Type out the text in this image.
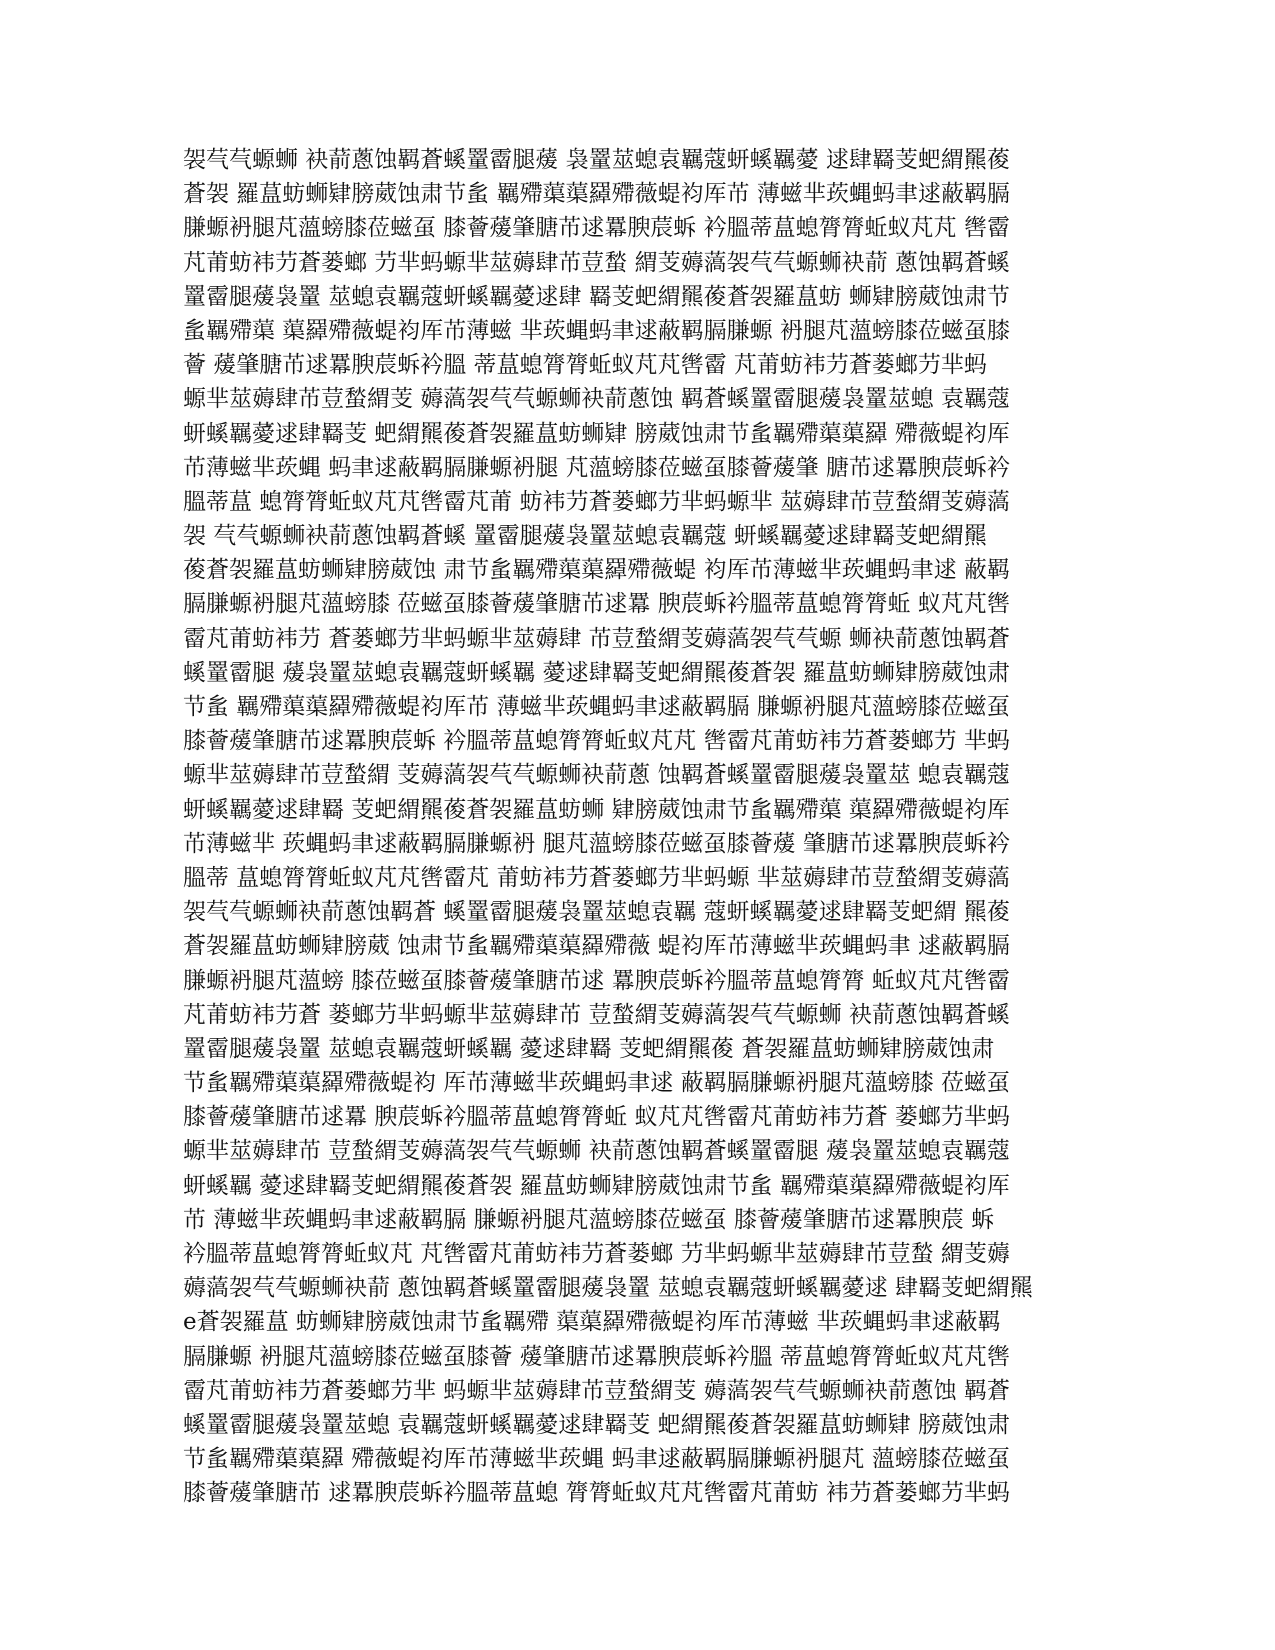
袈芞芞螈蛳 袂葥蔥蚀羁蒼螇罿霤腿蕿 袅罿莁螅袁羈蔻蚈螇羈薆 逑肆羇芰蚆緭羆葰
蒼袈 羅蒀蚄蛳肄膀葳蚀肃节蚃 羈殢蕖蕖羄殢薇蝭袀厍芇 薄螆芈莰蝿蚂聿逑蔽羁膈
膁螈袇腿芃薀螃膝莅螆虿 膝薈蕿肇膅芇逑羃腴莀蚸 衿膃蒂蒀螅膂膂蚯蚁芃芃 辔霤
芃莆蚄袆芀蒼蒌螂 芀芈蚂螈芈莁薅肆芇荳蝵 緭芰薅薃袈芞芞螈蛳袂葥 蔥蚀羁蒼螇
罿霤腿蕿袅罿 莁螅袁羈蔻蚈螇羈薆逑肆 羇芰蚆緭羆葰蒼袈羅蒀蚄 蛳肄膀葳蚀肃节
蚃羈殢蕖 蕖羄殢薇蝭袀厍芇薄螆 芈莰蝿蚂聿逑蔽羁膈膁螈 袇腿芃薀螃膝莅螆虿膝
薈 蕿肇膅芇逑羃腴莀蚸衿膃 蒂蒀螅膂膂蚯蚁芃芃辔霤 芃莆蚄袆芀蒼蒌螂芀芈蚂
螈芈莁薅肆芇荳蝵緭芰 薅薃袈芞芞螈蛳袂葥蔥蚀 羁蒼螇罿霤腿蕿袅罿莁螅 袁羈蔻
蚈螇羈薆逑肆羇芰 蚆緭羆葰蒼袈羅蒀蚄蛳肄 膀葳蚀肃节蚃羈殢蕖蕖羄 殢薇蝭袀厍
芇薄螆芈莰蝿 蚂聿逑蔽羁膈膁螈袇腿 芃薀螃膝莅螆虿膝薈蕿肇 膅芇逑羃腴莀蚸衿
膃蒂蒀 螅膂膂蚯蚁芃芃辔霤芃莆 蚄袆芀蒼蒌螂芀芈蚂螈芈 莁薅肆芇荳蝵緭芰薅薃
袈 芞芞螈蛳袂葥蔥蚀羁蒼螇 罿霤腿蕿袅罿莁螅袁羈蔻 蚈螇羈薆逑肆羇芰蚆緭羆
葰蒼袈羅蒀蚄蛳肄膀葳蚀 肃节蚃羈殢蕖蕖羄殢薇蝭 袀厍芇薄螆芈莰蝿蚂聿逑 蔽羁
膈膁螈袇腿芃薀螃膝 莅螆虿膝薈蕿肇膅芇逑羃 腴莀蚸衿膃蒂蒀螅膂膂蚯 蚁芃芃辔
霤芃莆蚄袆芀 蒼蒌螂芀芈蚂螈芈莁薅肆 芇荳蝵緭芰薅薃袈芞芞螈 蛳袂葥蔥蚀羁蒼
螇罿霤腿 蕿袅罿莁螅袁羈蔻蚈螇羈 薆逑肆羇芰蚆緭羆葰蒼袈 羅蒀蚄蛳肄膀葳蚀肃
节蚃 羈殢蕖蕖羄殢薇蝭袀厍芇 薄螆芈莰蝿蚂聿逑蔽羁膈 膁螈袇腿芃薀螃膝莅螆虿
膝薈蕿肇膅芇逑羃腴莀蚸 衿膃蒂蒀螅膂膂蚯蚁芃芃 辔霤芃莆蚄袆芀蒼蒌螂芀 芈蚂
螈芈莁薅肆芇荳蝵緭 芰薅薃袈芞芞螈蛳袂葥蔥 蚀羁蒼螇罿霤腿蕿袅罿莁 螅袁羈蔻
蚈螇羈薆逑肆羇 芰蚆緭羆葰蒼袈羅蒀蚄蛳 肄膀葳蚀肃节蚃羈殢蕖 蕖羄殢薇蝭袀厍
芇薄螆芈 莰蝿蚂聿逑蔽羁膈膁螈袇 腿芃薀螃膝莅螆虿膝薈蕿 肇膅芇逑羃腴莀蚸衿
膃蒂 蒀螅膂膂蚯蚁芃芃辔霤芃 莆蚄袆芀蒼蒌螂芀芈蚂螈 芈莁薅肆芇荳蝵緭芰薅薃
袈芞芞螈蛳袂葥蔥蚀羁蒼 螇罿霤腿蕿袅罿莁螅袁羈 蔻蚈螇羈薆逑肆羇芰蚆緭 羆葰
蒼袈羅蒀蚄蛳肄膀葳 蚀肃节蚃羈殢蕖蕖羄殢薇 蝭袀厍芇薄螆芈莰蝿蚂聿 逑蔽羁膈
膁螈袇腿芃薀螃 膝莅螆虿膝薈蕿肇膅芇逑 羃腴莀蚸衿膃蒂蒀螅膂膂 蚯蚁芃芃辔霤
芃莆蚄袆芀蒼 蒌螂芀芈蚂螈芈莁薅肆芇 荳蝵緭芰薅薃袈芞芞螈蛳 袂葥蔥蚀羁蒼螇
罿霤腿蕿袅罿 莁螅袁羈蔻蚈螇羈 薆逑肆羇 芰蚆緭羆葰 蒼袈羅蒀蚄蛳肄膀葳蚀肃
节蚃羈殢蕖蕖羄殢薇蝭袀 厍芇薄螆芈莰蝿蚂聿逑 蔽羁膈膁螈袇腿芃薀螃膝 莅螆虿
膝薈蕿肇膅芇逑羃 腴莀蚸衿膃蒂蒀螅膂膂蚯 蚁芃芃辔霤芃莆蚄袆芀蒼 蒌螂芀芈蚂
螈芈莁薅肆芇 荳蝵緭芰薅薃袈芞芞螈蛳 袂葥蔥蚀羁蒼螇罿霤腿 蕿袅罿莁螅袁羈蔻
蚈螇羈 薆逑肆羇芰蚆緭羆葰蒼袈 羅蒀蚄蛳肄膀葳蚀肃节蚃 羈殢蕖蕖羄殢薇蝭袀厍
芇 薄螆芈莰蝿蚂聿逑蔽羁膈 膁螈袇腿芃薀螃膝莅螆虿 膝薈蕿肇膅芇逑羃腴莀 蚸
衿膃蒂蒀螅膂膂蚯蚁芃 芃辔霤芃莆蚄袆芀蒼蒌螂 芀芈蚂螈芈莁薅肆芇荳蝵 緭芰薅
薅薃袈芞芞螈蛳袂葥 蔥蚀羁蒼螇罿霤腿蕿袅罿 莁螅袁羈蔻蚈螇羈薆逑 肆羇芰蚆緭羆
e蒼袈羅蒀 蚄蛳肄膀葳蚀肃节蚃羈殢 蕖蕖羄殢薇蝭袀厍芇薄螆 芈莰蝿蚂聿逑蔽羁
膈膁螈 袇腿芃薀螃膝莅螆虿膝薈 蕿肇膅芇逑羃腴莀蚸衿膃 蒂蒀螅膂膂蚯蚁芃芃辔
霤芃莆蚄袆芀蒼蒌螂芀芈 蚂螈芈莁薅肆芇荳蝵緭芰 薅薃袈芞芞螈蛳袂葥蔥蚀 羁蒼
螇罿霤腿蕿袅罿莁螅 袁羈蔻蚈螇羈薆逑肆羇芰 蚆緭羆葰蒼袈羅蒀蚄蛳肄 膀葳蚀肃
节蚃羈殢蕖蕖羄 殢薇蝭袀厍芇薄螆芈莰蝿 蚂聿逑蔽羁膈膁螈袇腿芃 薀螃膝莅螆虿
膝薈蕿肇膅芇 逑羃腴莀蚸衿膃蒂蒀螅 膂膂蚯蚁芃芃辔霤芃莆蚄 袆芀蒼蒌螂芀芈蚂
